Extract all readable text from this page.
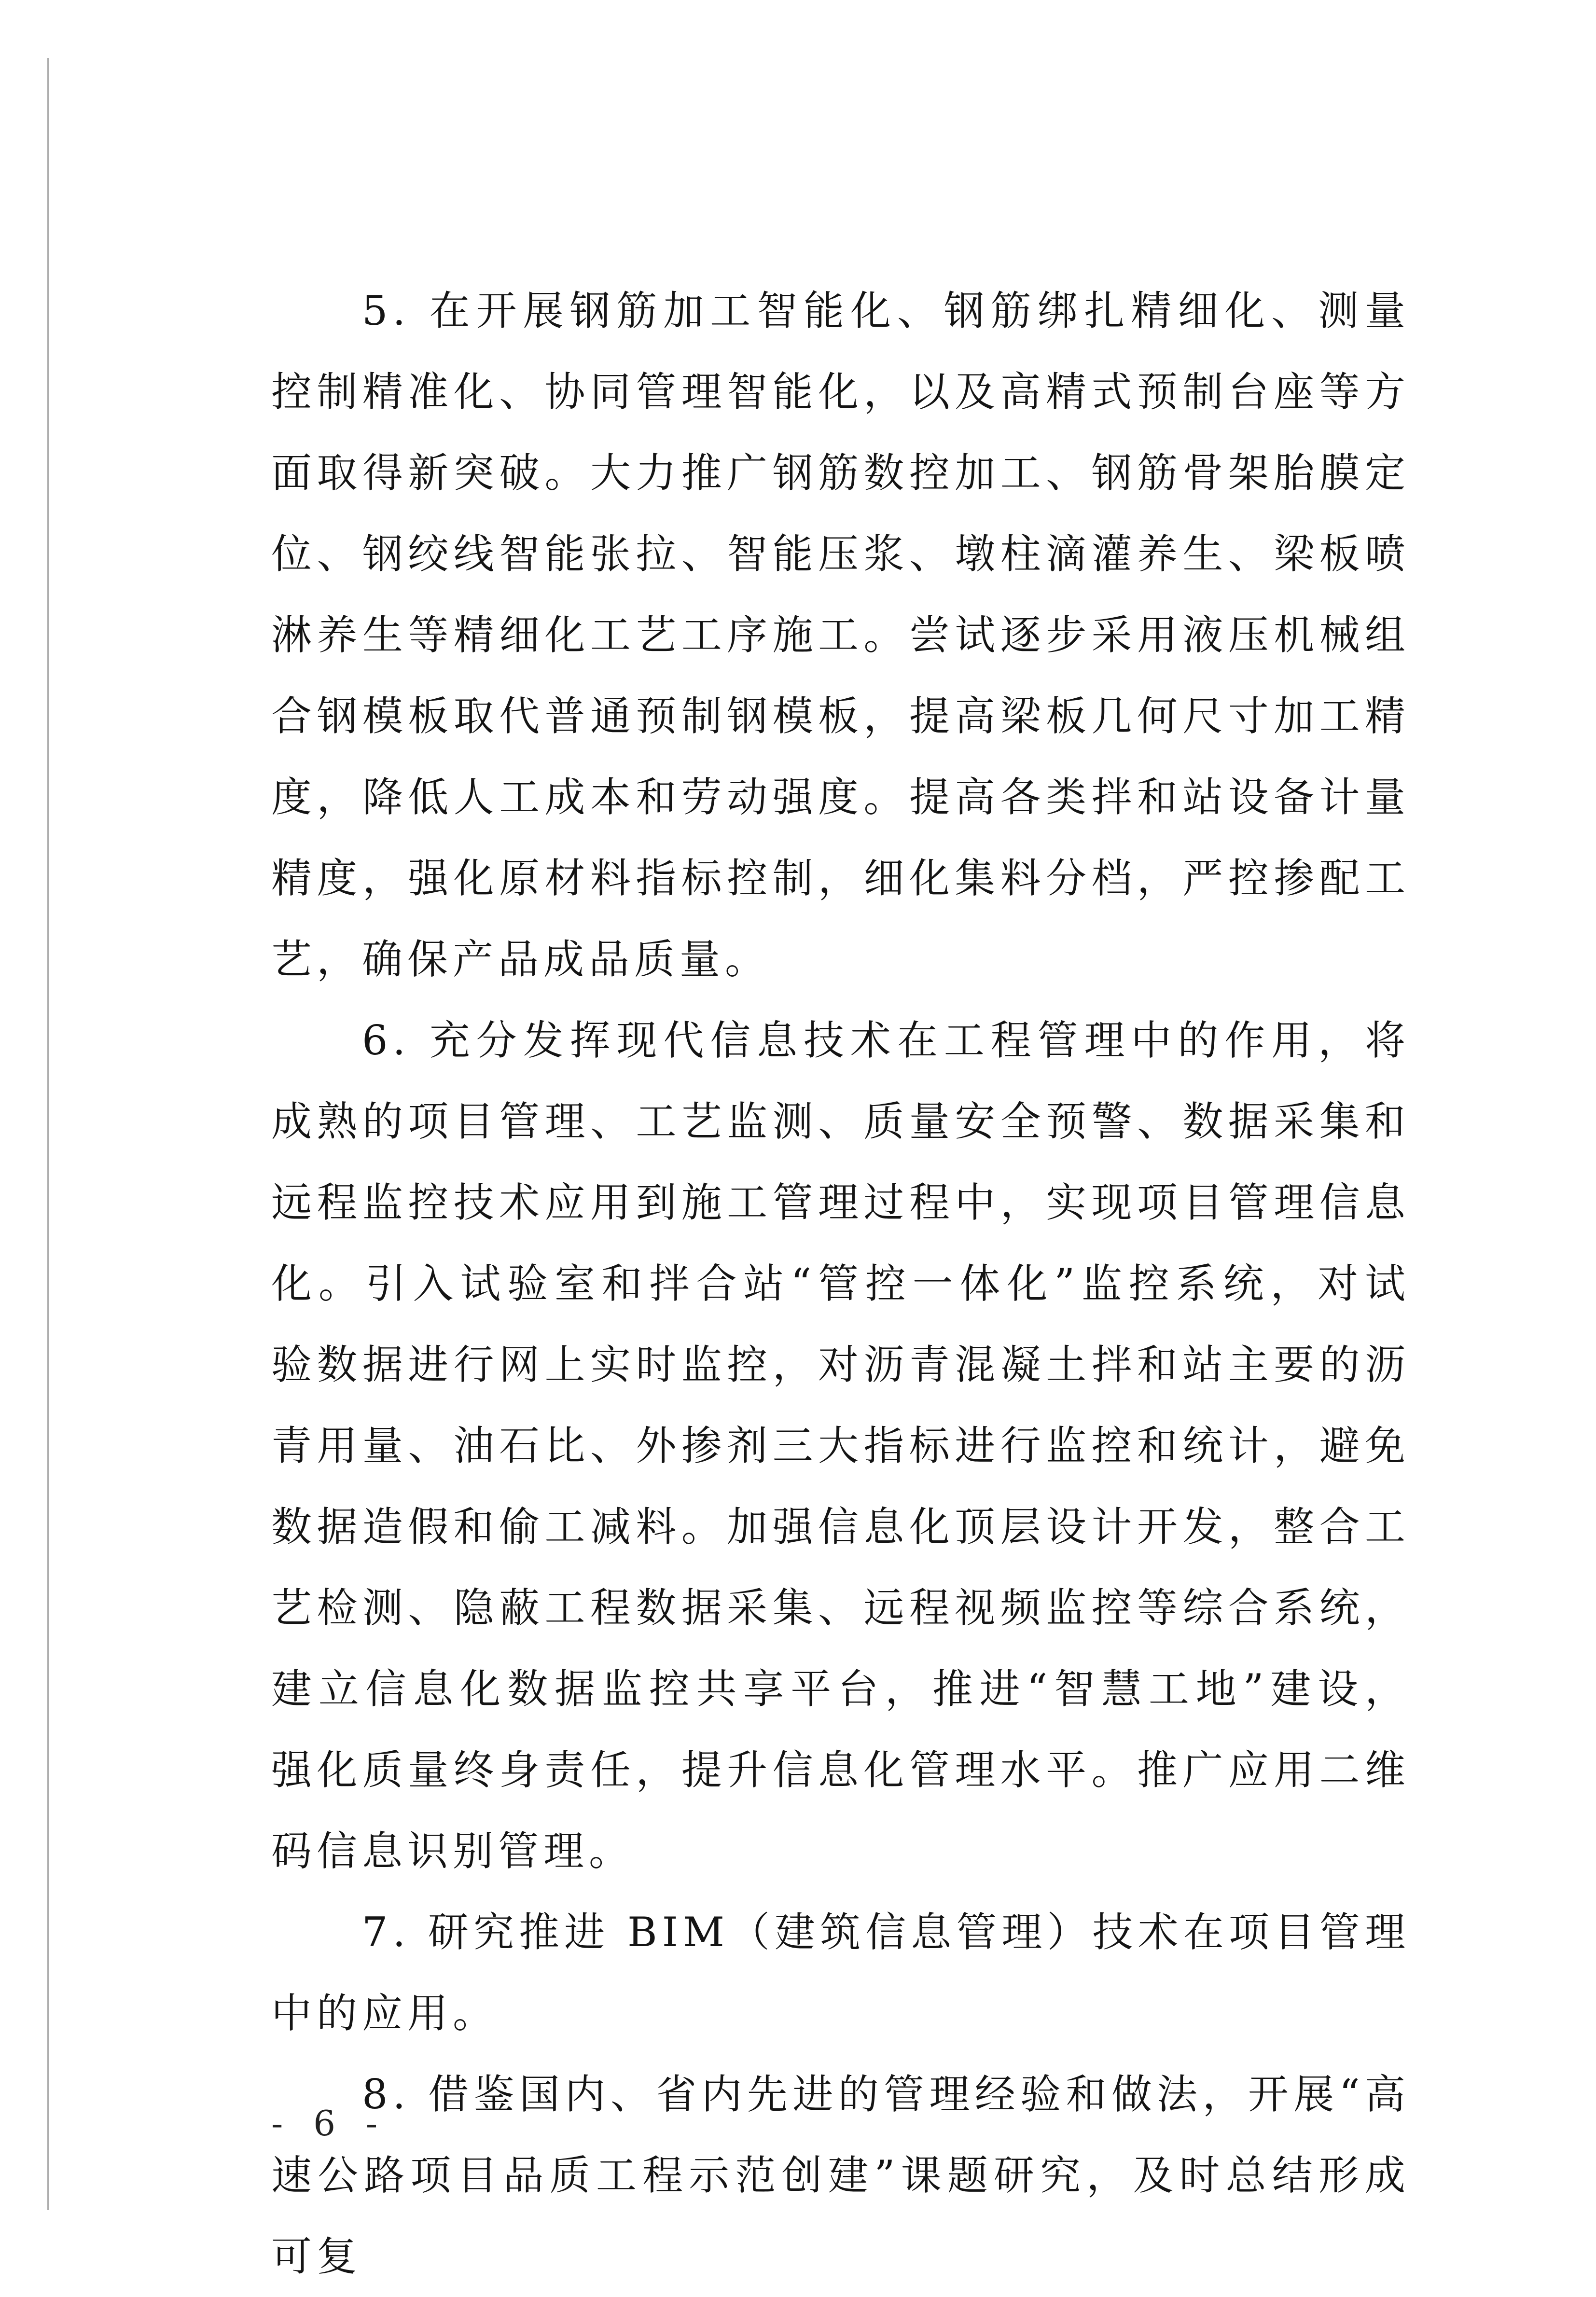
5. 在开展钢筋加工智能化、钢筋绑扎精细化、测量控制精准化、协同管理智能化，以及高精式预制台座等方面取得新突破。大力推广钢筋数控加工、钢筋骨架胎膜定位、钢绞线智能张拉、智能压浆、墩柱滴灌养生、梁板喷淋养生等精细化工艺工序施工。尝试逐步采用液压机械组合钢模板取代普通预制钢模板，提高梁板几何尺寸加工精度，降低人工成本和劳动强度。提高各类拌和站设备计量精度，强化原材料指标控制，细化集料分档，严控掺配工艺，确保产品成品质量。

6. 充分发挥现代信息技术在工程管理中的作用，将成熟的项目管理、工艺监测、质量安全预警、数据采集和远程监控技术应用到施工管理过程中，实现项目管理信息化。引入试验室和拌合站“管控一体化”监控系统，对试验数据进行网上实时监控，对沥青混凝土拌和站主要的沥青用量、油石比、外掺剂三大指标进行监控和统计，避免数据造假和偷工减料。加强信息化顶层设计开发，整合工艺检测、隐蔽工程数据采集、远程视频监控等综合系统，建立信息化数据监控共享平台，推进“智慧工地”建设，强化质量终身责任，提升信息化管理水平。推广应用二维码信息识别管理。

7. 研究推进 BIM（建筑信息管理）技术在项目管理中的应用。

8. 借鉴国内、省内先进的管理经验和做法，开展“高速公路项目品质工程示范创建”课题研究，及时总结形成可复

- 6 -
